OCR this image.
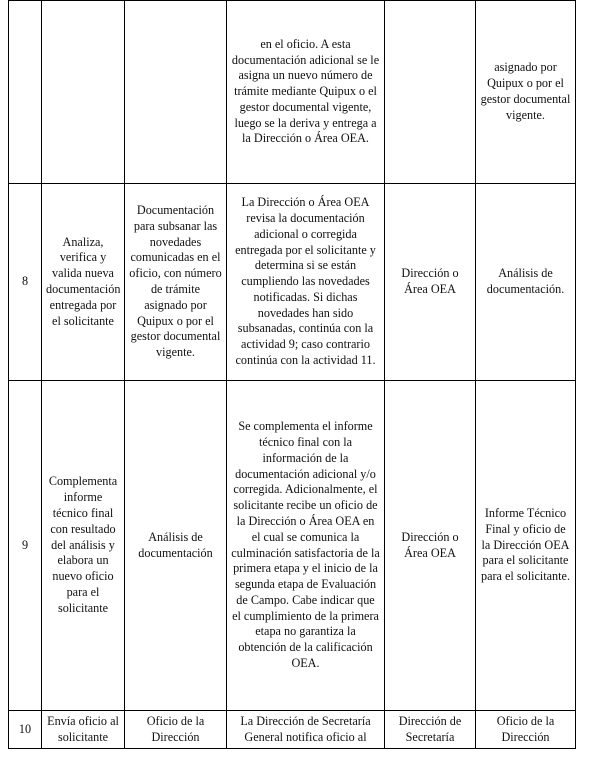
			en el oficio. A esta documentación adicional se le asigna un nuevo número de trámite mediante Quipux o el gestor documental vigente, luego se la deriva y entrega a la Dirección o Área OEA.		asignado por Quipux o por el gestor documental vigente.
8	Analiza, verifica y valida nueva documentación entregada por el solicitante	Documentación para subsanar las novedades comunicadas en el oficio, con número de trámite asignado por Quipux o por el gestor documental vigente.	La Dirección o Área OEA revisa la documentación adicional o corregida entregada por el solicitante y determina si se están cumpliendo las novedades notificadas. Si dichas novedades han sido subsanadas, continúa con la actividad 9; caso contrario continúa con la actividad 11.	Dirección o Área OEA	Análisis de documentación.
9	Complementa informe técnico final con resultado del análisis y elabora un nuevo oficio para el solicitante	Análisis de documentación	Se complementa el informe técnico final con la información de la documentación adicional y/o corregida. Adicionalmente, el solicitante recibe un oficio de la Dirección o Área OEA en el cual se comunica la culminación satisfactoria de la primera etapa y el inicio de la segunda etapa de Evaluación de Campo. Cabe indicar que el cumplimiento de la primera etapa no garantiza la obtención de la calificación OEA.	Dirección o Área OEA	Informe Técnico Final y oficio de la Dirección OEA para el solicitante para el solicitante.
10	Envía oficio al solicitante	Oficio de la Dirección	La Dirección de Secretaría General notifica oficio al	Dirección de Secretaría	Oficio de la Dirección
